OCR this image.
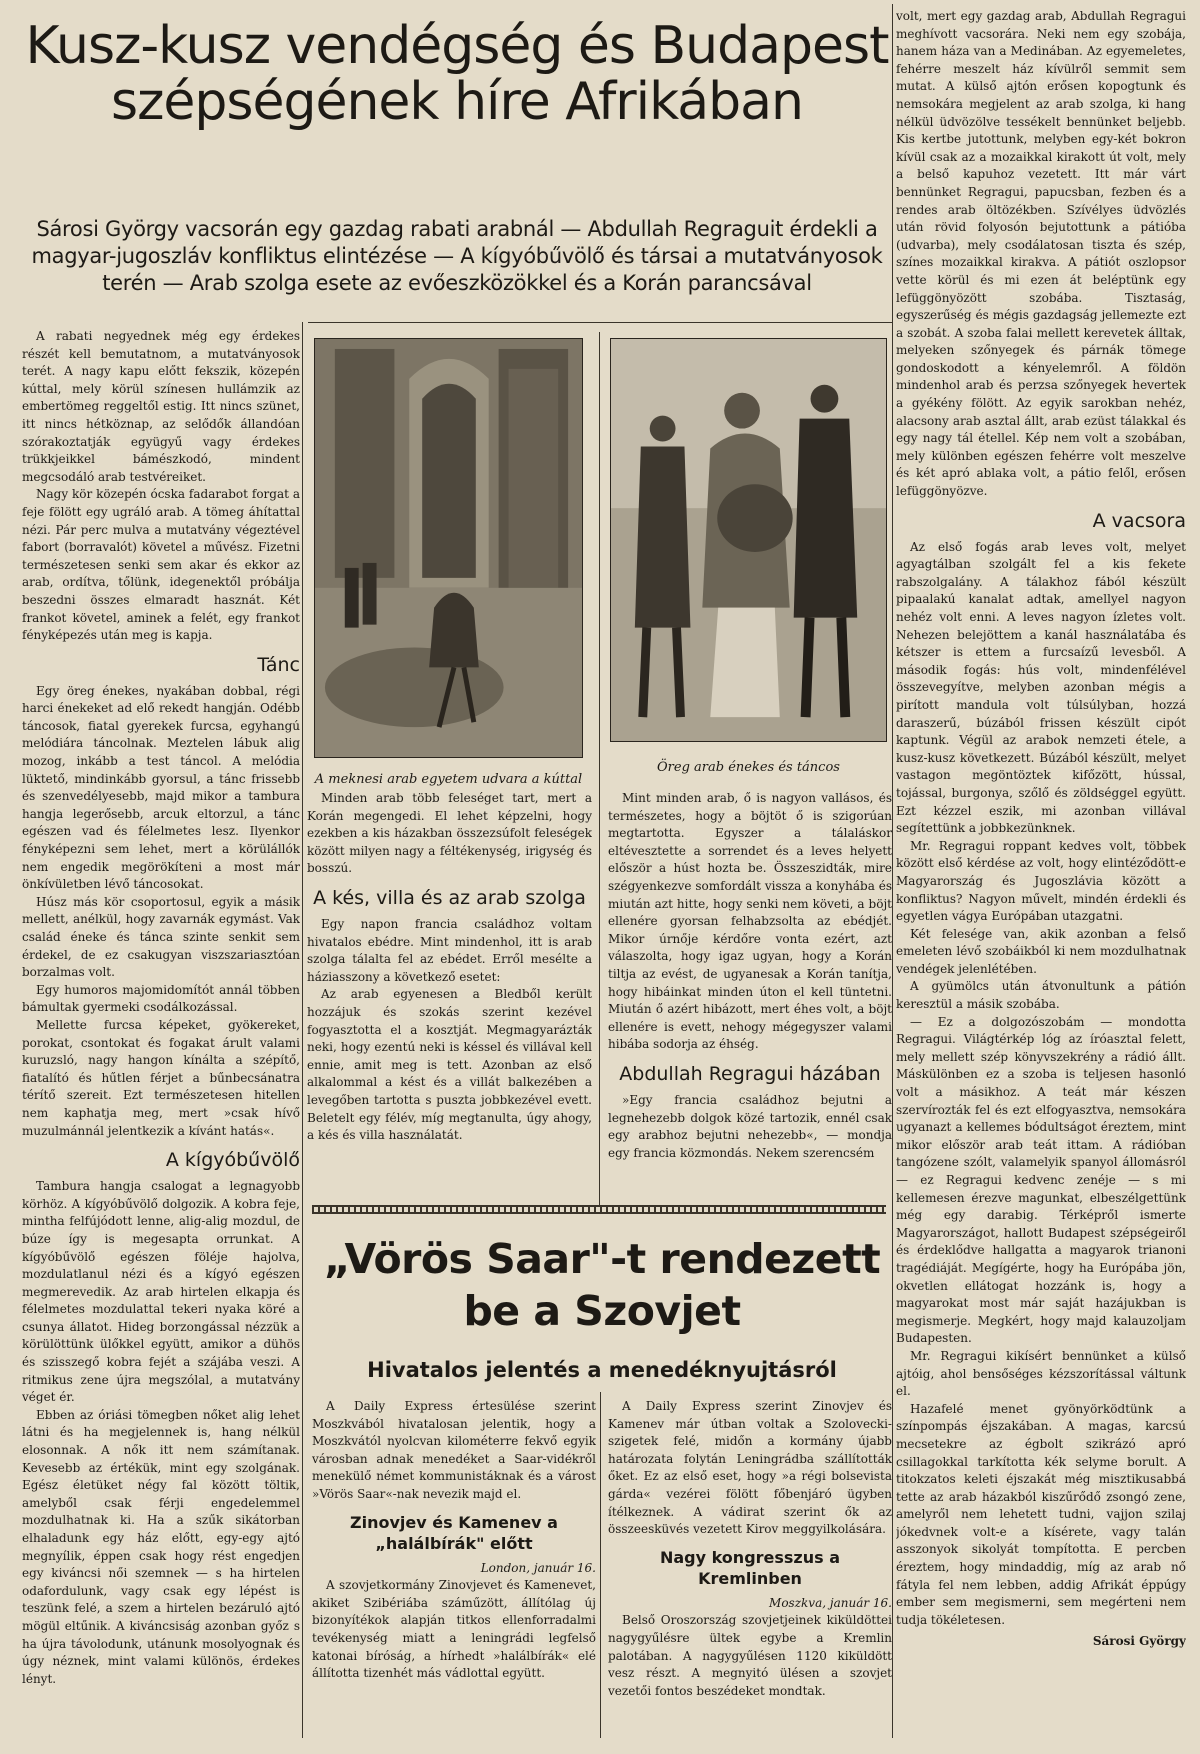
Kusz-kusz vendégség és Budapest szépségének híre Afrikában
Sárosi György vacsorán egy gazdag rabati arabnál — Abdullah Regraguit érdekli a magyar-jugoszláv konfliktus elintézése — A kígyóbűvölő és társai a mutatványosok terén — Arab szolga esete az evőeszközökkel és a Korán parancsával

A rabati negyednek még egy érdekes részét kell bemutatnom, a mutatványosok terét. A nagy kapu előtt fekszik, közepén kúttal, mely körül színesen hullámzik az embertömeg reggeltől estig. Itt nincs szünet, itt nincs hétköznap, az selődők állandóan szórakoztatják együgyű vagy érdekes trükkjeikkel bámészkodó, mindent megcsodáló arab testvéreiket.

Nagy kör közepén ócska fadarabot forgat a feje fölött egy ugráló arab. A tömeg áhítattal nézi. Pár perc mulva a mutatvány végeztével fabort (borravalót) követel a művész. Fizetni természetesen senki sem akar és ekkor az arab, ordítva, tőlünk, idegenektől próbálja beszedni összes elmaradt hasznát. Két frankot követel, aminek a felét, egy frankot fényképezés után meg is kapja.

Tánc

Egy öreg énekes, nyakában dobbal, régi harci énekeket ad elő rekedt hangján. Odébb táncosok, fiatal gyerekek furcsa, egyhangú melódiára táncolnak. Meztelen lábuk alig mozog, inkább a test táncol. A melódia lüktető, mindinkább gyorsul, a tánc frissebb és szenvedélyesebb, majd mikor a tambura hangja legerősebb, arcuk eltorzul, a tánc egészen vad és félelmetes lesz. Ilyenkor fényképezni sem lehet, mert a körülállók nem engedik megörökíteni a most már önkívületben lévő táncosokat.

Húsz más kör csoportosul, egyik a másik mellett, anélkül, hogy zavarnák egymást. Vak család éneke és tánca szinte senkit sem érdekel, de ez csakugyan viszszariasztóan borzalmas volt.

Egy humoros majomidomítót annál többen bámultak gyermeki csodálkozással.

Mellette furcsa képeket, gyökereket, porokat, csontokat és fogakat árult valami kuruzsló, nagy hangon kínálta a szépítő, fiatalító és hűtlen férjet a bűnbecsánatra térítő szereit. Ezt természetesen hitellen nem kaphatja meg, mert »csak hívő muzulmánnál jelentkezik a kívánt hatás«.

A kígyóbűvölő

Tambura hangja csalogat a legnagyobb körhöz. A kígyóbűvölő dolgozik. A kobra feje, mintha felfújódott lenne, alig-alig mozdul, de búze így is megesapta orrunkat. A kígyóbűvölő egészen föléje hajolva, mozdulatlanul nézi és a kígyó egészen megmerevedik. Az arab hirtelen elkapja és félelmetes mozdulattal tekeri nyaka köré a csunya állatot. Hideg borzongással nézzük a körülöttünk ülőkkel együtt, amikor a dühös és szisszegő kobra fejét a szájába veszi. A ritmikus zene újra megszólal, a mutatvány véget ér.

Ebben az óriási tömegben nőket alig lehet látni és ha megjelennek is, hang nélkül elosonnak. A nők itt nem számítanak. Kevesebb az értékük, mint egy szolgának. Egész életüket négy fal között töltik, amelyből csak férji engedelemmel mozdulhatnak ki. Ha a szűk sikátorban elhaladunk egy ház előtt, egy-egy ajtó megnyílik, éppen csak hogy rést engedjen egy kiváncsi női szemnek — s ha hirtelen odafordulunk, vagy csak egy lépést is teszünk felé, a szem a hirtelen bezáruló ajtó mögül eltűnik. A kiváncsiság azonban győz s ha újra távolodunk, utánunk mosolyognak és úgy néznek, mint valami különös, érdekes lényt.

A meknesi arab egyetem udvara a kúttal
Öreg arab énekes és táncos

Minden arab több feleséget tart, mert a Korán megengedi. El lehet képzelni, hogy ezekben a kis házakban összezsúfolt feleségek között milyen nagy a féltékenység, irigység és bosszú.

A kés, villa és az arab szolga

Egy napon francia családhoz voltam hivatalos ebédre. Mint mindenhol, itt is arab szolga tálalta fel az ebédet. Erről mesélte a háziasszony a következő esetet:

Az arab egyenesen a Bledből került hozzájuk és szokás szerint kezével fogyasztotta el a kosztját. Megmagyarázták neki, hogy ezentú neki is késsel és villával kell ennie, amit meg is tett. Azonban az első alkalommal a kést és a villát balkezében a levegőben tartotta s puszta jobbkezével evett. Beletelt egy félév, míg megtanulta, úgy ahogy, a kés és villa használatát.

Mint minden arab, ő is nagyon vallásos, és természetes, hogy a böjtöt ő is szigorúan megtartotta. Egyszer a tálaláskor eltévesztette a sorrendet és a leves helyett először a húst hozta be. Összeszidták, mire szégyenkezve somfordált vissza a konyhába és miután azt hitte, hogy senki nem követi, a böjt ellenére gyorsan felhabzsolta az ebédjét. Mikor úrnője kérdőre vonta ezért, azt válaszolta, hogy igaz ugyan, hogy a Korán tiltja az evést, de ugyanesak a Korán tanítja, hogy hibáinkat minden úton el kell tüntetni. Miután ő azért hibázott, mert éhes volt, a böjt ellenére is evett, nehogy mégegyszer valami hibába sodorja az éhség.

Abdullah Regragui házában

»Egy francia családhoz bejutni a legnehezebb dolgok közé tartozik, ennél csak egy arabhoz bejutni nehezebb«, — mondja egy francia közmondás. Nekem szerencsém

volt, mert egy gazdag arab, Abdullah Regragui meghívott vacsorára. Neki nem egy szobája, hanem háza van a Medinában. Az egyemeletes, fehérre meszelt ház kívülről semmit sem mutat. A külső ajtón erősen kopogtunk és nemsokára megjelent az arab szolga, ki hang nélkül üdvözölve tessékelt bennünket beljebb. Kis kertbe jutottunk, melyben egy-két bokron kívül csak az a mozaikkal kirakott út volt, mely a belső kapuhoz vezetett. Itt már várt bennünket Regragui, papucsban, fezben és a rendes arab öltözékben. Szívélyes üdvözlés után rövid folyosón bejutottunk a pátióba (udvarba), mely csodálatosan tiszta és szép, színes mozaikkal kirakva. A pátiót oszlopsor vette körül és mi ezen át beléptünk egy lefüggönyözött szobába. Tisztaság, egyszerűség és mégis gazdagság jellemezte ezt a szobát. A szoba falai mellett kerevetek álltak, melyeken szőnyegek és párnák tömege gondoskodott a kényelemről. A földön mindenhol arab és perzsa szőnyegek hevertek a gyékény fölött. Az egyik sarokban nehéz, alacsony arab asztal állt, arab ezüst tálakkal és egy nagy tál étellel. Kép nem volt a szobában, mely különben egészen fehérre volt meszelve és két apró ablaka volt, a pátio felől, erősen lefüggönyözve.

A vacsora

Az első fogás arab leves volt, melyet agyagtálban szolgált fel a kis fekete rabszolgalány. A tálakhoz fából készült pipaalakú kanalat adtak, amellyel nagyon nehéz volt enni. A leves nagyon ízletes volt. Nehezen belejöttem a kanál használatába és kétszer is ettem a furcsaízű levesből. A második fogás: hús volt, mindenfélével összevegyítve, melyben azonban mégis a pirított mandula volt túlsúlyban, hozzá daraszerű, búzából frissen készült cipót kaptunk. Végül az arabok nemzeti étele, a kusz-kusz következett. Búzából készült, melyet vastagon megöntöztek kifőzött, hússal, tojással, burgonya, szőlő és zöldséggel együtt. Ezt kézzel eszik, mi azonban villával segítettünk a jobbkezünknek.

Mr. Regragui roppant kedves volt, többek között első kérdése az volt, hogy elintéződött-e Magyarország és Jugoszlávia között a konfliktus? Nagyon művelt, mindén érdekli és egyetlen vágya Európában utazgatni.

Két felesége van, akik azonban a felső emeleten lévő szobáikból ki nem mozdulhatnak vendégek jelenlétében.

A gyümölcs után átvonultunk a pátión keresztül a másik szobába.

— Ez a dolgozószobám — mondotta Regragui. Világtérkép lóg az íróasztal felett, mely mellett szép könyvszekrény a rádió állt. Máskülönben ez a szoba is teljesen hasonló volt a másikhoz. A teát már készen szervírozták fel és ezt elfogyasztva, nemsokára ugyanazt a kellemes bódultságot éreztem, mint mikor először arab teát ittam. A rádióban tangózene szólt, valamelyik spanyol állomásról — ez Regragui kedvenc zenéje — s mi kellemesen érezve magunkat, elbeszélgettünk még egy darabig. Térképről ismerte Magyarországot, hallott Budapest szépségeiről és érdeklődve hallgatta a magyarok trianoni tragédiáját. Megígérte, hogy ha Európába jön, okvetlen ellátogat hozzánk is, hogy a magyarokat most már saját hazájukban is megismerje. Megkért, hogy majd kalauzoljam Budapesten.

Mr. Regragui kikísért bennünket a külső ajtóig, ahol bensőséges kézszorítással váltunk el.

Hazafelé menet gyönyörködtünk a színpompás éjszakában. A magas, karcsú mecsetekre az égbolt szikrázó apró csillagokkal tarkította kék selyme borult. A titokzatos keleti éjszakát még misztikusabbá tette az arab házakból kiszűrődő zsongó zene, amelyről nem lehetett tudni, vajjon szilaj jókedvnek volt-e a kísérete, vagy talán asszonyok sikolyát tompította. E percben éreztem, hogy mindaddig, míg az arab nő fátyla fel nem lebben, addig Afrikát éppúgy ember sem megismerni, sem megérteni nem tudja tökéletesen.

Sárosi György
„Vörös Saar"-t rendezett be a Szovjet
Hivatalos jelentés a menedéknyujtásról

A Daily Express értesülése szerint Moszkvából hivatalosan jelentik, hogy a Moszkvától nyolcvan kilométerre fekvő egyik városban adnak menedéket a Saar-vidékről menekülő német kommunistáknak és a várost »Vörös Saar«-nak nevezik majd el.

Zinovjev és Kamenev a „halálbírák" előtt
London, január 16.

A szovjetkormány Zinovjevet és Kamenevet, akiket Szibériába száműzött, állítólag új bizonyítékok alapján titkos ellenforradalmi tevékenység miatt a leningrádi legfelső katonai bíróság, a hírhedt »halálbírák« elé állította tizenhét más vádlottal együtt.

A Daily Express szerint Zinovjev és Kamenev már útban voltak a Szolovecki-szigetek felé, midőn a kormány újabb határozata folytán Leningrádba szállították őket. Ez az első eset, hogy »a régi bolsevista gárda« vezérei fölött főbenjáró ügyben ítélkeznek. A vádirat szerint ők az összeesküvés vezetett Kirov meggyilkolására.

Nagy kongresszus a Kremlinben
Moszkva, január 16.

Belső Oroszország szovjetjeinek kiküldöttei nagygyűlésre ültek egybe a Kremlin palotában. A nagygyűlésen 1120 kiküldött vesz részt. A megnyitó ülésen a szovjet vezetői fontos beszédeket mondtak.
